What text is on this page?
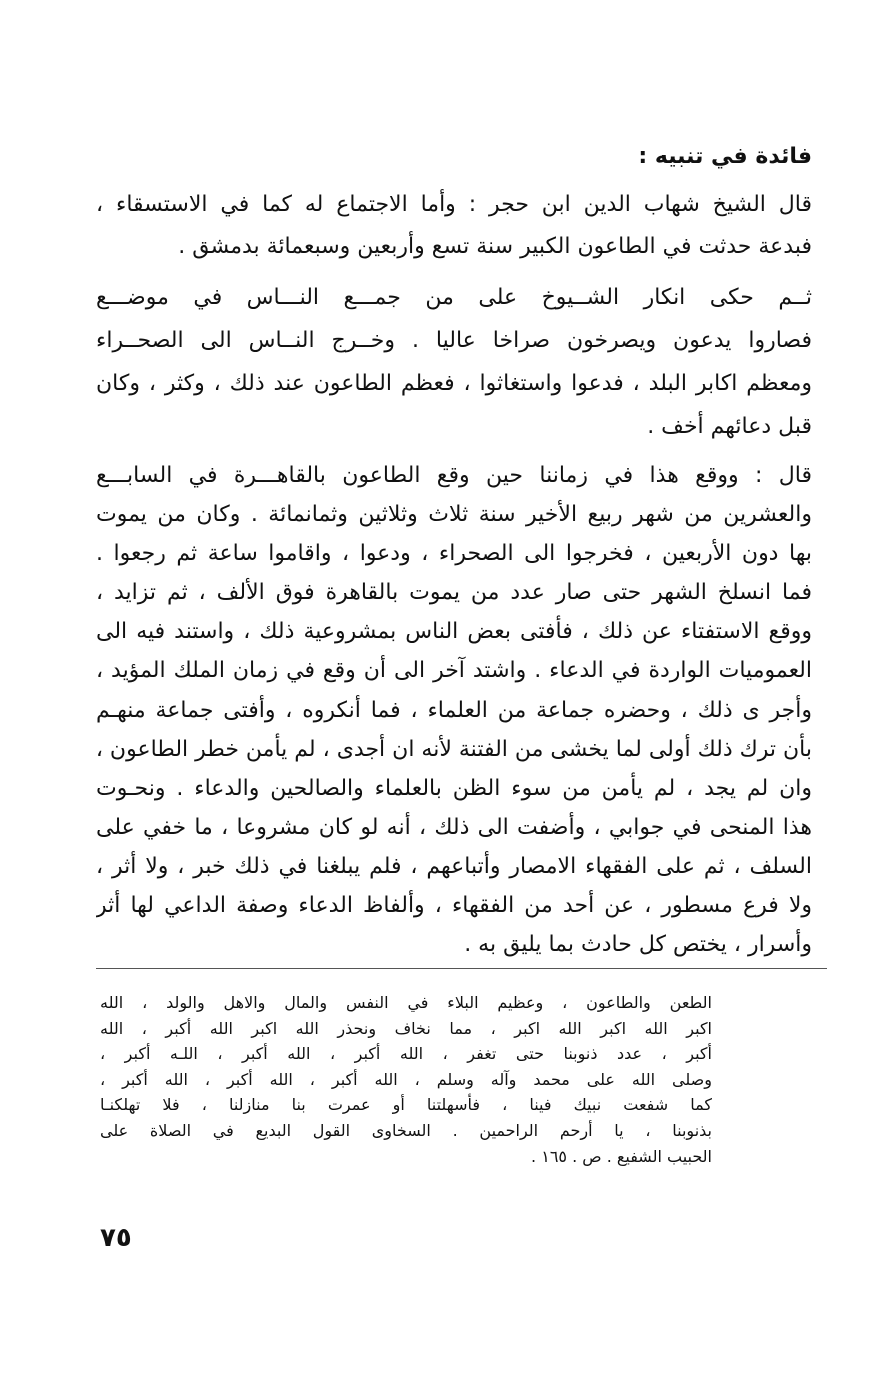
فائدة في تنبيه :
قال الشيخ شهاب الدين ابن حجر : وأما الاجتماع له كما في الاستسقاء ،
فبدعة حدثت في الطاعون الكبير سنة تسع وأربعين وسبعمائة بدمشق .
ثــم حكى انكار الشــيوخ على من جمـــع النـــاس في موضـــع
فصاروا يدعون ويصرخون صراخا عاليا . وخــرج النــاس الى الصحــراء
ومعظم اكابر البلد ، فدعوا واستغاثوا ، فعظم الطاعون عند ذلك ، وكثر ، وكان
قبل دعائهم أخف .
قال : ووقع هذا في زماننا حين وقع الطاعون بالقاهـــرة في السابـــع
والعشرين من شهر ربيع الأخير سنة ثلاث وثلاثين وثمانمائة . وكان من يموت
بها دون الأربعين ، فخرجوا الى الصحراء ، ودعوا ، واقاموا ساعة ثم رجعوا .
فما انسلخ الشهر حتى صار عدد من يموت بالقاهرة فوق الألف ، ثم تزايد ،
ووقع الاستفتاء عن ذلك ، فأفتى بعض الناس بمشروعية ذلك ، واستند فيه الى
العموميات الواردة في الدعاء . واشتد آخر الى أن وقع في زمان الملك المؤيد ،
وأجر ى ذلك ، وحضره جماعة من العلماء ، فما أنكروه ، وأفتى جماعة منهـم
بأن ترك ذلك أولى لما يخشى من الفتنة لأنه ان أجدى ، لم يأمن خطر الطاعون ،
وان لم يجد ، لم يأمن من سوء الظن بالعلماء والصالحين والدعاء . ونحـوت
هذا المنحى في جوابي ، وأضفت الى ذلك ، أنه لو كان مشروعا ، ما خفي على
السلف ، ثم على الفقهاء الامصار وأتباعهم ، فلم يبلغنا في ذلك خبر ، ولا أثر ،
ولا فرع مسطور ، عن أحد من الفقهاء ، وألفاظ الدعاء وصفة الداعي لها أثر
وأسرار ، يختص كل حادث بما يليق به .
الطعن والطاعون ، وعظيم البلاء في النفس والمال والاهل والولد ، الله
اكبر الله اكبر الله اكبر ، مما نخاف ونحذر الله اكبر الله أكبر ، الله
أكبر ، عدد ذنوبنا حتى تغفر ، الله أكبر ، الله أكبر ، اللـه أكبر ،
وصلى الله على محمد وآله وسلم ، الله أكبر ، الله أكبر ، الله أكبر ،
كما شفعت نبيك فينا ، فأسهلتنا أو عمرت بنا منازلنا ، فلا تهلكنـا
بذنوبنا ، يا أرحم الراحمين . السخاوى القول البديع في الصلاة على
الحبيب الشفيع . ص . ١٦٥ .
٧٥
